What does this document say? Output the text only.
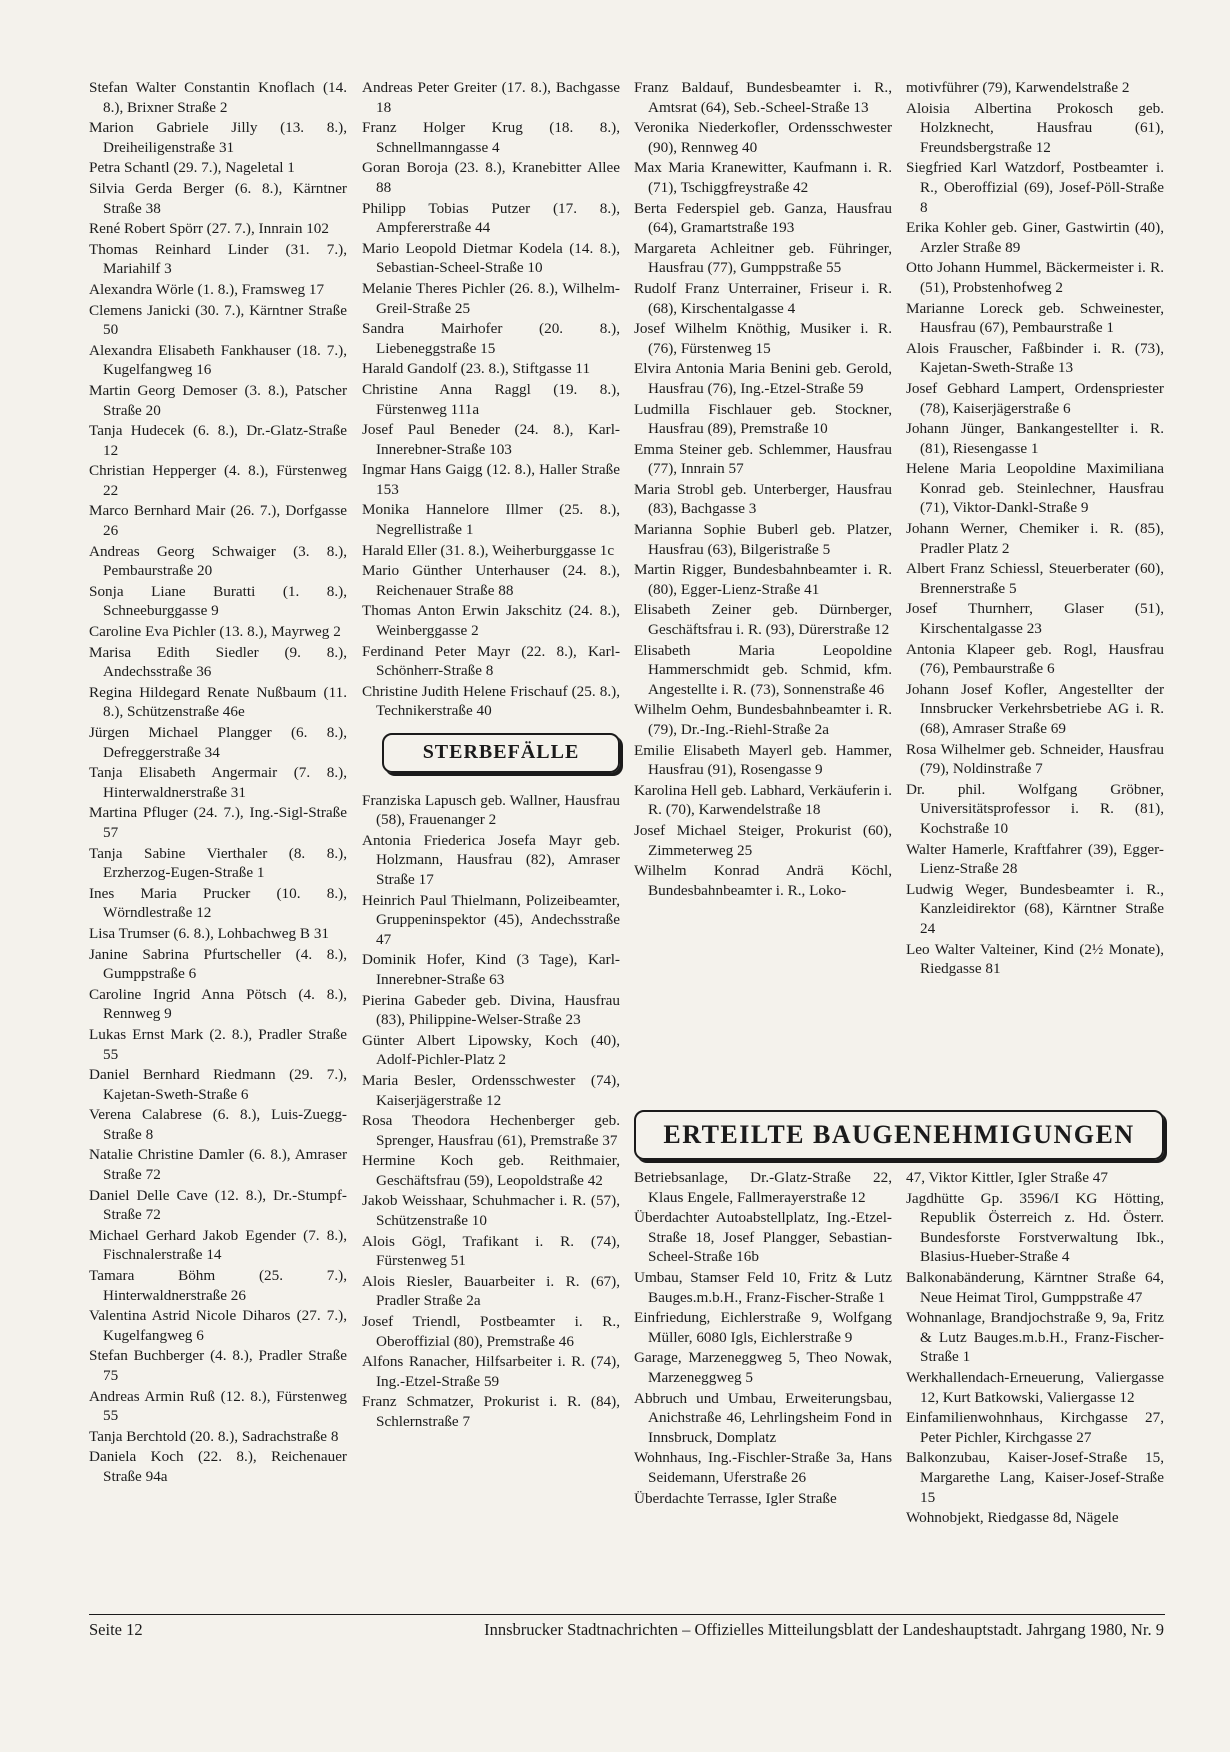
Stefan Walter Constantin Knoflach (14. 8.), Brixner Straße 2
Marion Gabriele Jilly (13. 8.), Dreiheiligenstraße 31
Petra Schantl (29. 7.), Nageletal 1
Silvia Gerda Berger (6. 8.), Kärntner Straße 38
René Robert Spörr (27. 7.), Innrain 102
Thomas Reinhard Linder (31. 7.), Mariahilf 3
Alexandra Wörle (1. 8.), Framsweg 17
Clemens Janicki (30. 7.), Kärntner Straße 50
Alexandra Elisabeth Fankhauser (18. 7.), Kugelfangweg 16
Martin Georg Demoser (3. 8.), Patscher Straße 20
Tanja Hudecek (6. 8.), Dr.-Glatz-Straße 12
Christian Hepperger (4. 8.), Fürstenweg 22
Marco Bernhard Mair (26. 7.), Dorfgasse 26
Andreas Georg Schwaiger (3. 8.), Pembaurstraße 20
Sonja Liane Buratti (1. 8.), Schneeburggasse 9
Caroline Eva Pichler (13. 8.), Mayrweg 2
Marisa Edith Siedler (9. 8.), Andechsstraße 36
Regina Hildegard Renate Nußbaum (11. 8.), Schützenstraße 46e
Jürgen Michael Plangger (6. 8.), Defreggerstraße 34
Tanja Elisabeth Angermair (7. 8.), Hinterwaldnerstraße 31
Martina Pfluger (24. 7.), Ing.-Sigl-Straße 57
Tanja Sabine Vierthaler (8. 8.), Erzherzog-Eugen-Straße 1
Ines Maria Prucker (10. 8.), Wörndlestraße 12
Lisa Trumser (6. 8.), Lohbachweg B 31
Janine Sabrina Pfurtscheller (4. 8.), Gumppstraße 6
Caroline Ingrid Anna Pötsch (4. 8.), Rennweg 9
Lukas Ernst Mark (2. 8.), Pradler Straße 55
Daniel Bernhard Riedmann (29. 7.), Kajetan-Sweth-Straße 6
Verena Calabrese (6. 8.), Luis-Zuegg-Straße 8
Natalie Christine Damler (6. 8.), Amraser Straße 72
Daniel Delle Cave (12. 8.), Dr.-Stumpf-Straße 72
Michael Gerhard Jakob Egender (7. 8.), Fischnalerstraße 14
Tamara Böhm (25. 7.), Hinterwaldnerstraße 26
Valentina Astrid Nicole Diharos (27. 7.), Kugelfangweg 6
Stefan Buchberger (4. 8.), Pradler Straße 75
Andreas Armin Ruß (12. 8.), Fürstenweg 55
Tanja Berchtold (20. 8.), Sadrachstraße 8
Daniela Koch (22. 8.), Reichenauer Straße 94a
Andreas Peter Greiter (17. 8.), Bachgasse 18
Franz Holger Krug (18. 8.), Schnellmanngasse 4
Goran Boroja (23. 8.), Kranebitter Allee 88
Philipp Tobias Putzer (17. 8.), Ampfererstraße 44
Mario Leopold Dietmar Kodela (14. 8.), Sebastian-Scheel-Straße 10
Melanie Theres Pichler (26. 8.), Wilhelm-Greil-Straße 25
Sandra Mairhofer (20. 8.), Liebeneggstraße 15
Harald Gandolf (23. 8.), Stiftgasse 11
Christine Anna Raggl (19. 8.), Fürstenweg 111a
Josef Paul Beneder (24. 8.), Karl-Innerebner-Straße 103
Ingmar Hans Gaigg (12. 8.), Haller Straße 153
Monika Hannelore Illmer (25. 8.), Negrellistraße 1
Harald Eller (31. 8.), Weiherburggasse 1c
Mario Günther Unterhauser (24. 8.), Reichenauer Straße 88
Thomas Anton Erwin Jakschitz (24. 8.), Weinberggasse 2
Ferdinand Peter Mayr (22. 8.), Karl-Schönherr-Straße 8
Christine Judith Helene Frischauf (25. 8.), Technikerstraße 40
STERBEFÄLLE
Franziska Lapusch geb. Wallner, Hausfrau (58), Frauenanger 2
Antonia Friederica Josefa Mayr geb. Holzmann, Hausfrau (82), Amraser Straße 17
Heinrich Paul Thielmann, Polizeibeamter, Gruppeninspektor (45), Andechsstraße 47
Dominik Hofer, Kind (3 Tage), Karl-Innerebner-Straße 63
Pierina Gabeder geb. Divina, Hausfrau (83), Philippine-Welser-Straße 23
Günter Albert Lipowsky, Koch (40), Adolf-Pichler-Platz 2
Maria Besler, Ordensschwester (74), Kaiserjägerstraße 12
Rosa Theodora Hechenberger geb. Sprenger, Hausfrau (61), Premstraße 37
Hermine Koch geb. Reithmaier, Geschäftsfrau (59), Leopoldstraße 42
Jakob Weisshaar, Schuhmacher i. R. (57), Schützenstraße 10
Alois Gögl, Trafikant i. R. (74), Fürstenweg 51
Alois Riesler, Bauarbeiter i. R. (67), Pradler Straße 2a
Josef Triendl, Postbeamter i. R., Oberoffizial (80), Premstraße 46
Alfons Ranacher, Hilfsarbeiter i. R. (74), Ing.-Etzel-Straße 59
Franz Schmatzer, Prokurist i. R. (84), Schlernstraße 7
Franz Baldauf, Bundesbeamter i. R., Amtsrat (64), Seb.-Scheel-Straße 13
Veronika Niederkofler, Ordensschwester (90), Rennweg 40
Max Maria Kranewitter, Kaufmann i. R. (71), Tschiggfreystraße 42
Berta Federspiel geb. Ganza, Hausfrau (64), Gramartstraße 193
Margareta Achleitner geb. Führinger, Hausfrau (77), Gumppstraße 55
Rudolf Franz Unterrainer, Friseur i. R. (68), Kirschentalgasse 4
Josef Wilhelm Knöthig, Musiker i. R. (76), Fürstenweg 15
Elvira Antonia Maria Benini geb. Gerold, Hausfrau (76), Ing.-Etzel-Straße 59
Ludmilla Fischlauer geb. Stockner, Hausfrau (89), Premstraße 10
Emma Steiner geb. Schlemmer, Hausfrau (77), Innrain 57
Maria Strobl geb. Unterberger, Hausfrau (83), Bachgasse 3
Marianna Sophie Buberl geb. Platzer, Hausfrau (63), Bilgeristraße 5
Martin Rigger, Bundesbahnbeamter i. R. (80), Egger-Lienz-Straße 41
Elisabeth Zeiner geb. Dürnberger, Geschäftsfrau i. R. (93), Dürerstraße 12
Elisabeth Maria Leopoldine Hammerschmidt geb. Schmid, kfm. Angestellte i. R. (73), Sonnenstraße 46
Wilhelm Oehm, Bundesbahnbeamter i. R. (79), Dr.-Ing.-Riehl-Straße 2a
Emilie Elisabeth Mayerl geb. Hammer, Hausfrau (91), Rosengasse 9
Karolina Hell geb. Labhard, Verkäuferin i. R. (70), Karwendelstraße 18
Josef Michael Steiger, Prokurist (60), Zimmeterweg 25
Wilhelm Konrad Andrä Köchl, Bundesbahnbeamter i. R., Loko-
motivführer (79), Karwendelstraße 2
Aloisia Albertina Prokosch geb. Holzknecht, Hausfrau (61), Freundsbergstraße 12
Siegfried Karl Watzdorf, Postbeamter i. R., Oberoffizial (69), Josef-Pöll-Straße 8
Erika Kohler geb. Giner, Gastwirtin (40), Arzler Straße 89
Otto Johann Hummel, Bäckermeister i. R. (51), Probstenhofweg 2
Marianne Loreck geb. Schweinester, Hausfrau (67), Pembaurstraße 1
Alois Frauscher, Faßbinder i. R. (73), Kajetan-Sweth-Straße 13
Josef Gebhard Lampert, Ordenspriester (78), Kaiserjägerstraße 6
Johann Jünger, Bankangestellter i. R. (81), Riesengasse 1
Helene Maria Leopoldine Maximiliana Konrad geb. Steinlechner, Hausfrau (71), Viktor-Dankl-Straße 9
Johann Werner, Chemiker i. R. (85), Pradler Platz 2
Albert Franz Schiessl, Steuerberater (60), Brennerstraße 5
Josef Thurnherr, Glaser (51), Kirschentalgasse 23
Antonia Klapeer geb. Rogl, Hausfrau (76), Pembaurstraße 6
Johann Josef Kofler, Angestellter der Innsbrucker Verkehrsbetriebe AG i. R. (68), Amraser Straße 69
Rosa Wilhelmer geb. Schneider, Hausfrau (79), Noldinstraße 7
Dr. phil. Wolfgang Gröbner, Universitätsprofessor i. R. (81), Kochstraße 10
Walter Hamerle, Kraftfahrer (39), Egger-Lienz-Straße 28
Ludwig Weger, Bundesbeamter i. R., Kanzleidirektor (68), Kärntner Straße 24
Leo Walter Valteiner, Kind (2½ Monate), Riedgasse 81
ERTEILTE BAUGENEHMIGUNGEN
Betriebsanlage, Dr.-Glatz-Straße 22, Klaus Engele, Fallmerayerstraße 12
Überdachter Autoabstellplatz, Ing.-Etzel-Straße 18, Josef Plangger, Sebastian-Scheel-Straße 16b
Umbau, Stamser Feld 10, Fritz & Lutz Bauges.m.b.H., Franz-Fischer-Straße 1
Einfriedung, Eichlerstraße 9, Wolfgang Müller, 6080 Igls, Eichlerstraße 9
Garage, Marzeneggweg 5, Theo Nowak, Marzeneggweg 5
Abbruch und Umbau, Erweiterungsbau, Anichstraße 46, Lehrlingsheim Fond in Innsbruck, Domplatz
Wohnhaus, Ing.-Fischler-Straße 3a, Hans Seidemann, Uferstraße 26
Überdachte Terrasse, Igler Straße
47, Viktor Kittler, Igler Straße 47
Jagdhütte Gp. 3596/I KG Hötting, Republik Österreich z. Hd. Österr. Bundesforste Forstverwaltung Ibk., Blasius-Hueber-Straße 4
Balkonabänderung, Kärntner Straße 64, Neue Heimat Tirol, Gumppstraße 47
Wohnanlage, Brandjochstraße 9, 9a, Fritz & Lutz Bauges.m.b.H., Franz-Fischer-Straße 1
Werkhallendach-Erneuerung, Valiergasse 12, Kurt Batkowski, Valiergasse 12
Einfamilienwohnhaus, Kirchgasse 27, Peter Pichler, Kirchgasse 27
Balkonzubau, Kaiser-Josef-Straße 15, Margarethe Lang, Kaiser-Josef-Straße 15
Wohnobjekt, Riedgasse 8d, Nägele
Seite 12	Innsbrucker Stadtnachrichten – Offizielles Mitteilungsblatt der Landeshauptstadt. Jahrgang 1980, Nr. 9
